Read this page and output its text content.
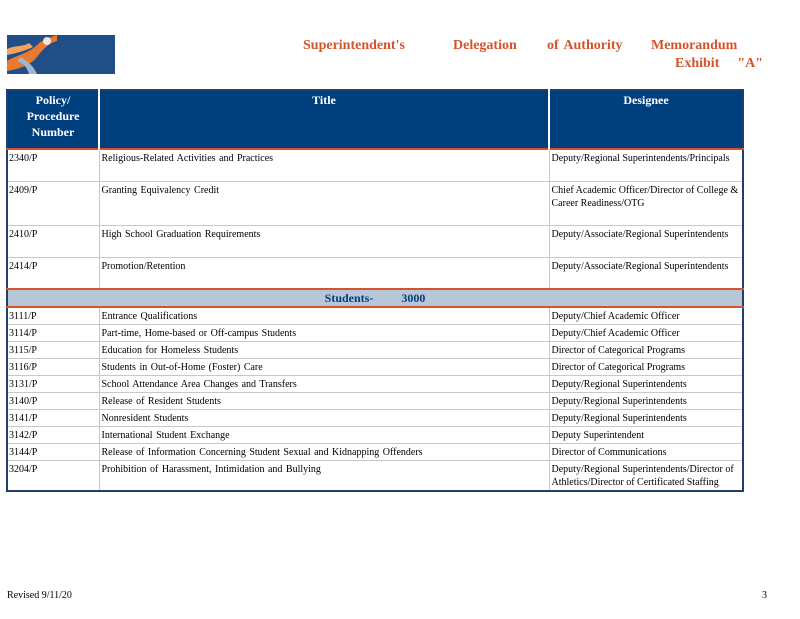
Superintendent's	Delegation of Authority Memorandum
Exhibit "A"
Policy/ Procedure Number	Title	Designee
2340/P	Religious-Related Activities and Practices	Deputy/Regional Superintendents/Principals
2409/P	Granting Equivalency Credit	Chief Academic Officer/Director of College & Career Readiness/OTG
2410/P	High School Graduation Requirements	Deputy/Associate/Regional Superintendents
2414/P	Promotion/Retention	Deputy/Associate/Regional Superintendents
Students- 3000		
3111/P	Entrance Qualifications	Deputy/Chief Academic Officer
3114/P	Part-time, Home-based or Off-campus Students	Deputy/Chief Academic Officer
3115/P	Education for Homeless Students	Director of Categorical Programs
3116/P	Students in Out-of-Home (Foster) Care	Director of Categorical Programs
3131/P	School Attendance Area Changes and Transfers	Deputy/Regional Superintendents
3140/P	Release of Resident Students	Deputy/Regional Superintendents
3141/P	Nonresident Students	Deputy/Regional Superintendents
3142/P	International Student Exchange	Deputy Superintendent
3144/P	Release of Information Concerning Student Sexual and Kidnapping Offenders	Director of Communications
3204/P	Prohibition of Harassment, Intimidation and Bullying	Deputy/Regional Superintendents/Director of Athletics/Director of Certificated Staffing
Revised 9/11/20	3
